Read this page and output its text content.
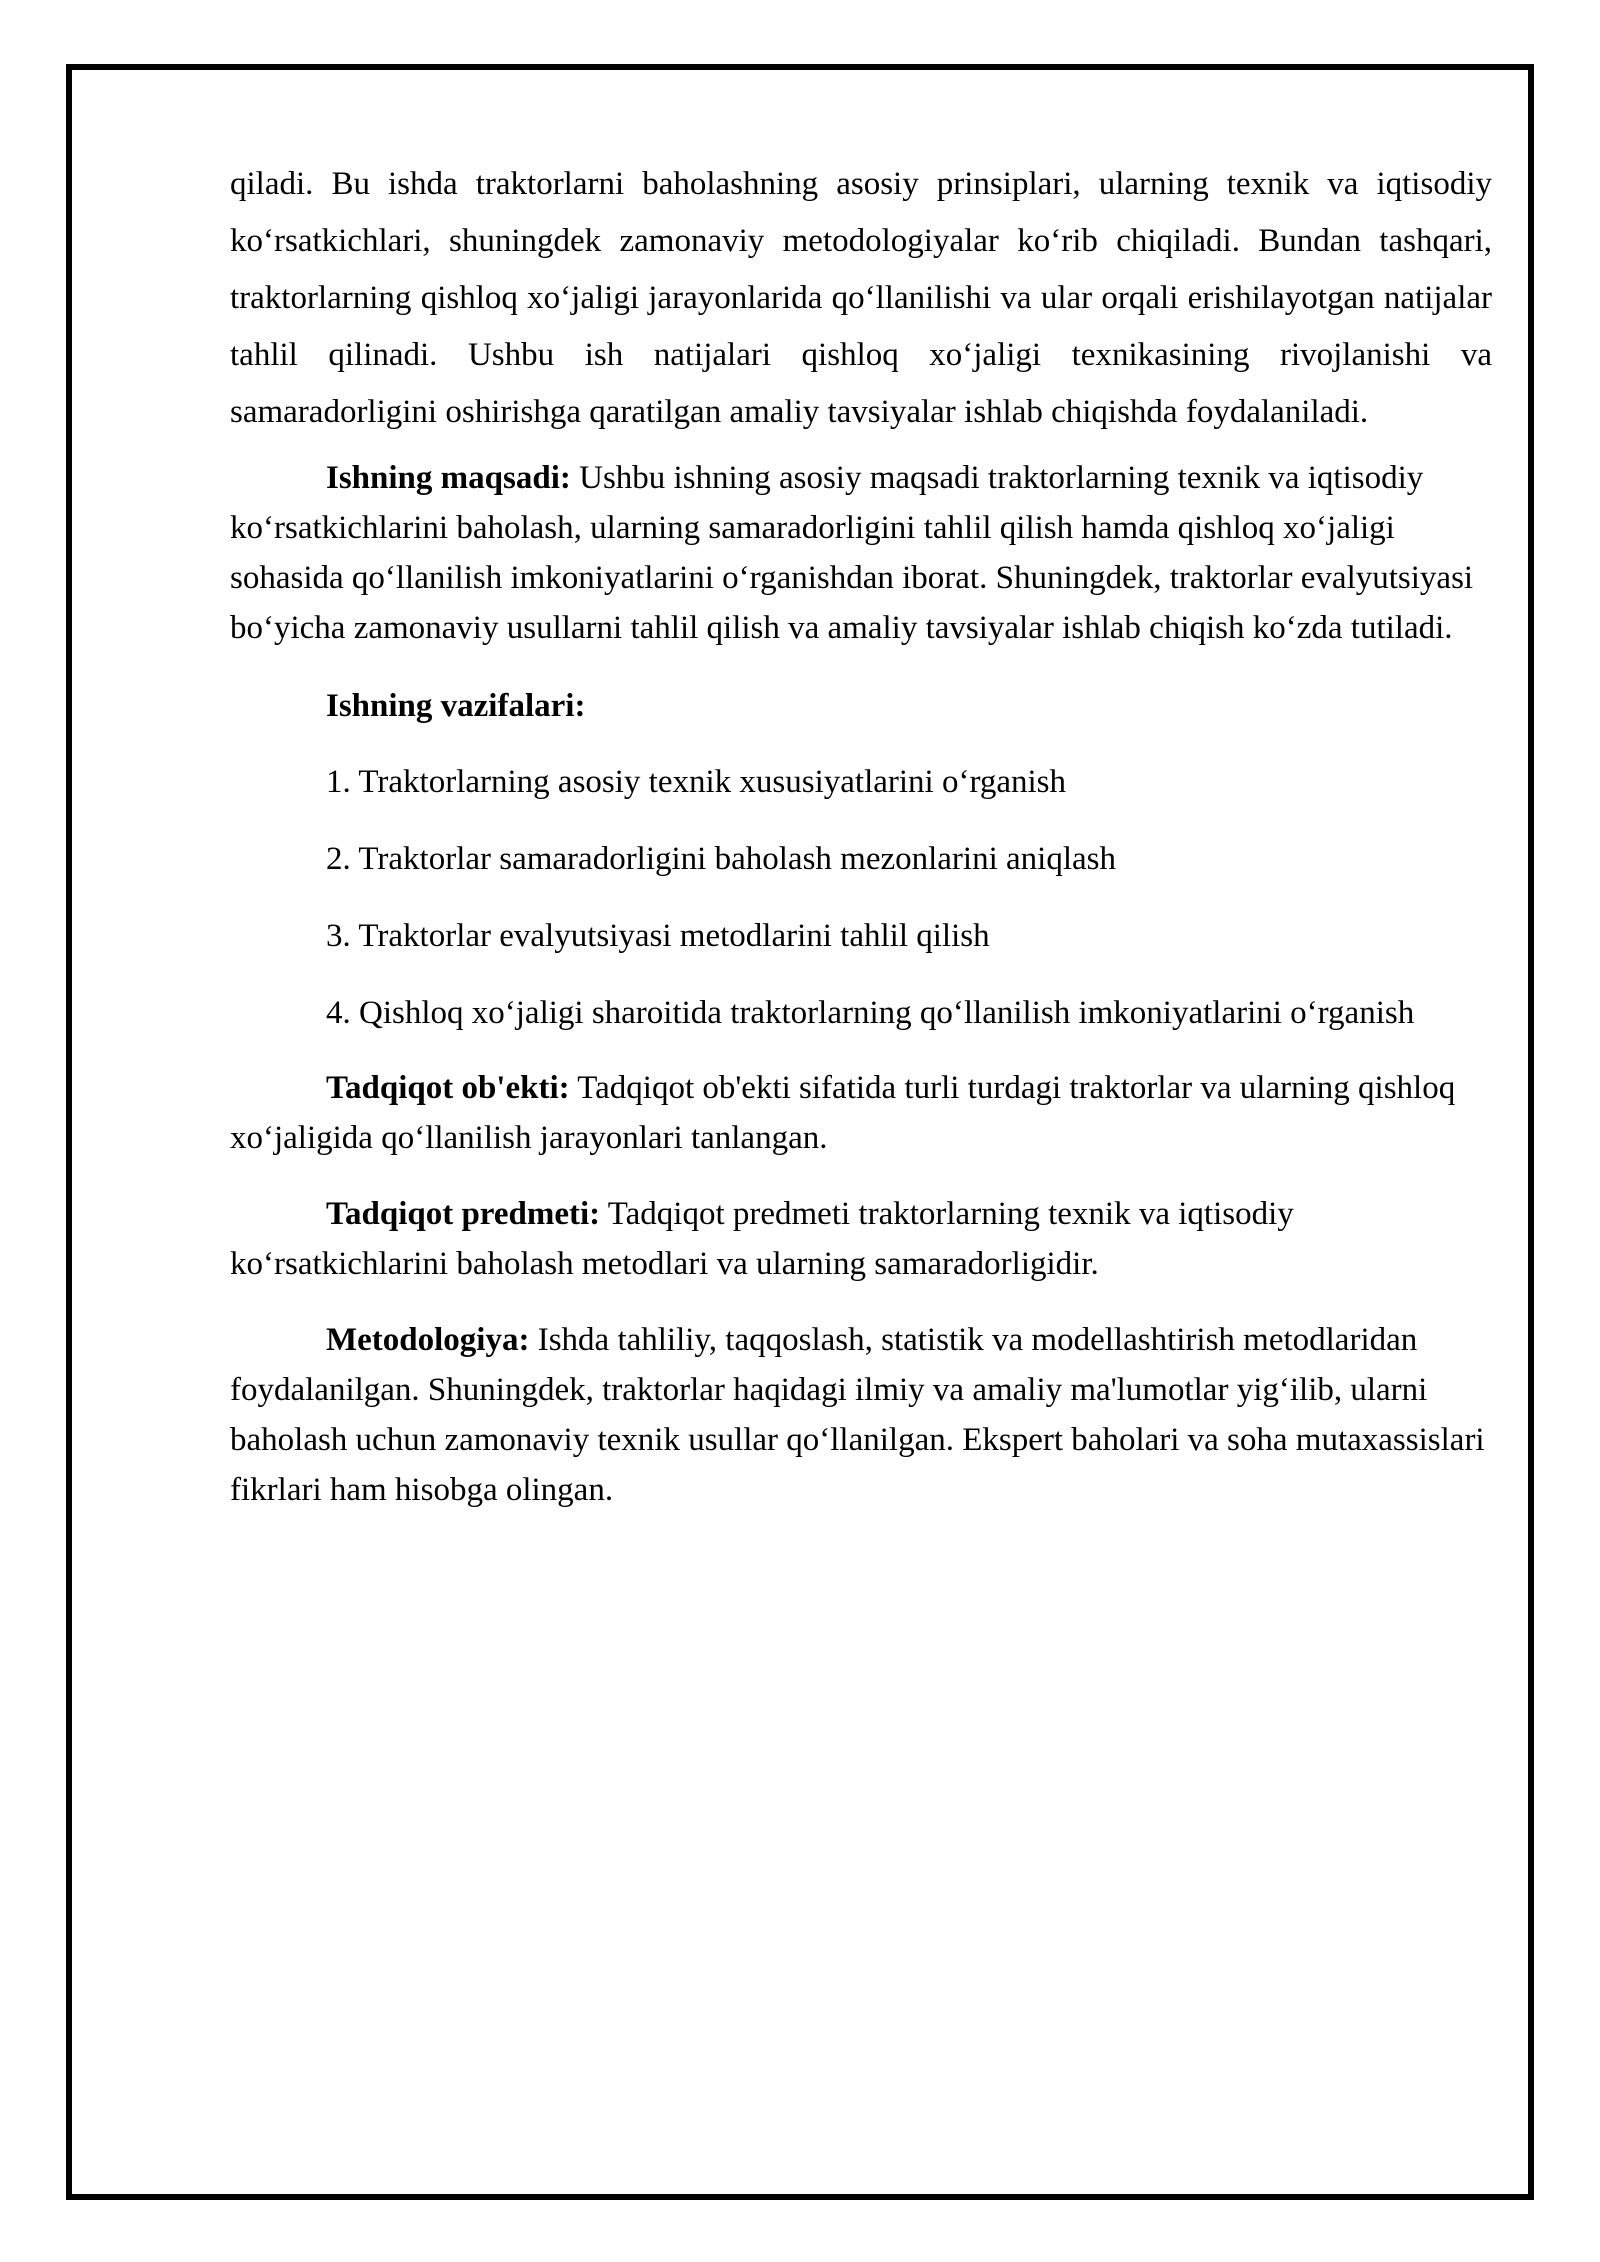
qiladi. Bu ishda traktorlarni baholashning asosiy prinsiplari, ularning texnik va iqtisodiy ko‘rsatkichlari, shuningdek zamonaviy metodologiyalar ko‘rib chiqiladi. Bundan tashqari, traktorlarning qishloq xo‘jaligi jarayonlarida qo‘llanilishi va ular orqali erishilayotgan natijalar tahlil qilinadi. Ushbu ish natijalari qishloq xo‘jaligi texnikasining rivojlanishi va samaradorligini oshirishga qaratilgan amaliy tavsiyalar ishlab chiqishda foydalaniladi.

Ishning maqsadi: Ushbu ishning asosiy maqsadi traktorlarning texnik va iqtisodiy ko‘rsatkichlarini baholash, ularning samaradorligini tahlil qilish hamda qishloq xo‘jaligi sohasida qo‘llanilish imkoniyatlarini o‘rganishdan iborat. Shuningdek, traktorlar evalyutsiyasi bo‘yicha zamonaviy usullarni tahlil qilish va amaliy tavsiyalar ishlab chiqish ko‘zda tutiladi.

Ishning vazifalari:

1. Traktorlarning asosiy texnik xususiyatlarini o‘rganish

2. Traktorlar samaradorligini baholash mezonlarini aniqlash

3. Traktorlar evalyutsiyasi metodlarini tahlil qilish

4. Qishloq xo‘jaligi sharoitida traktorlarning qo‘llanilish imkoniyatlarini o‘rganish

Tadqiqot ob'ekti: Tadqiqot ob'ekti sifatida turli turdagi traktorlar va ularning qishloq xo‘jaligida qo‘llanilish jarayonlari tanlangan.

Tadqiqot predmeti: Tadqiqot predmeti traktorlarning texnik va iqtisodiy ko‘rsatkichlarini baholash metodlari va ularning samaradorligidir.

Metodologiya: Ishda tahliliy, taqqoslash, statistik va modellashtirish metodlaridan foydalanilgan. Shuningdek, traktorlar haqidagi ilmiy va amaliy ma'lumotlar yig‘ilib, ularni baholash uchun zamonaviy texnik usullar qo‘llanilgan. Ekspert baholari va soha mutaxassislari fikrlari ham hisobga olingan.
